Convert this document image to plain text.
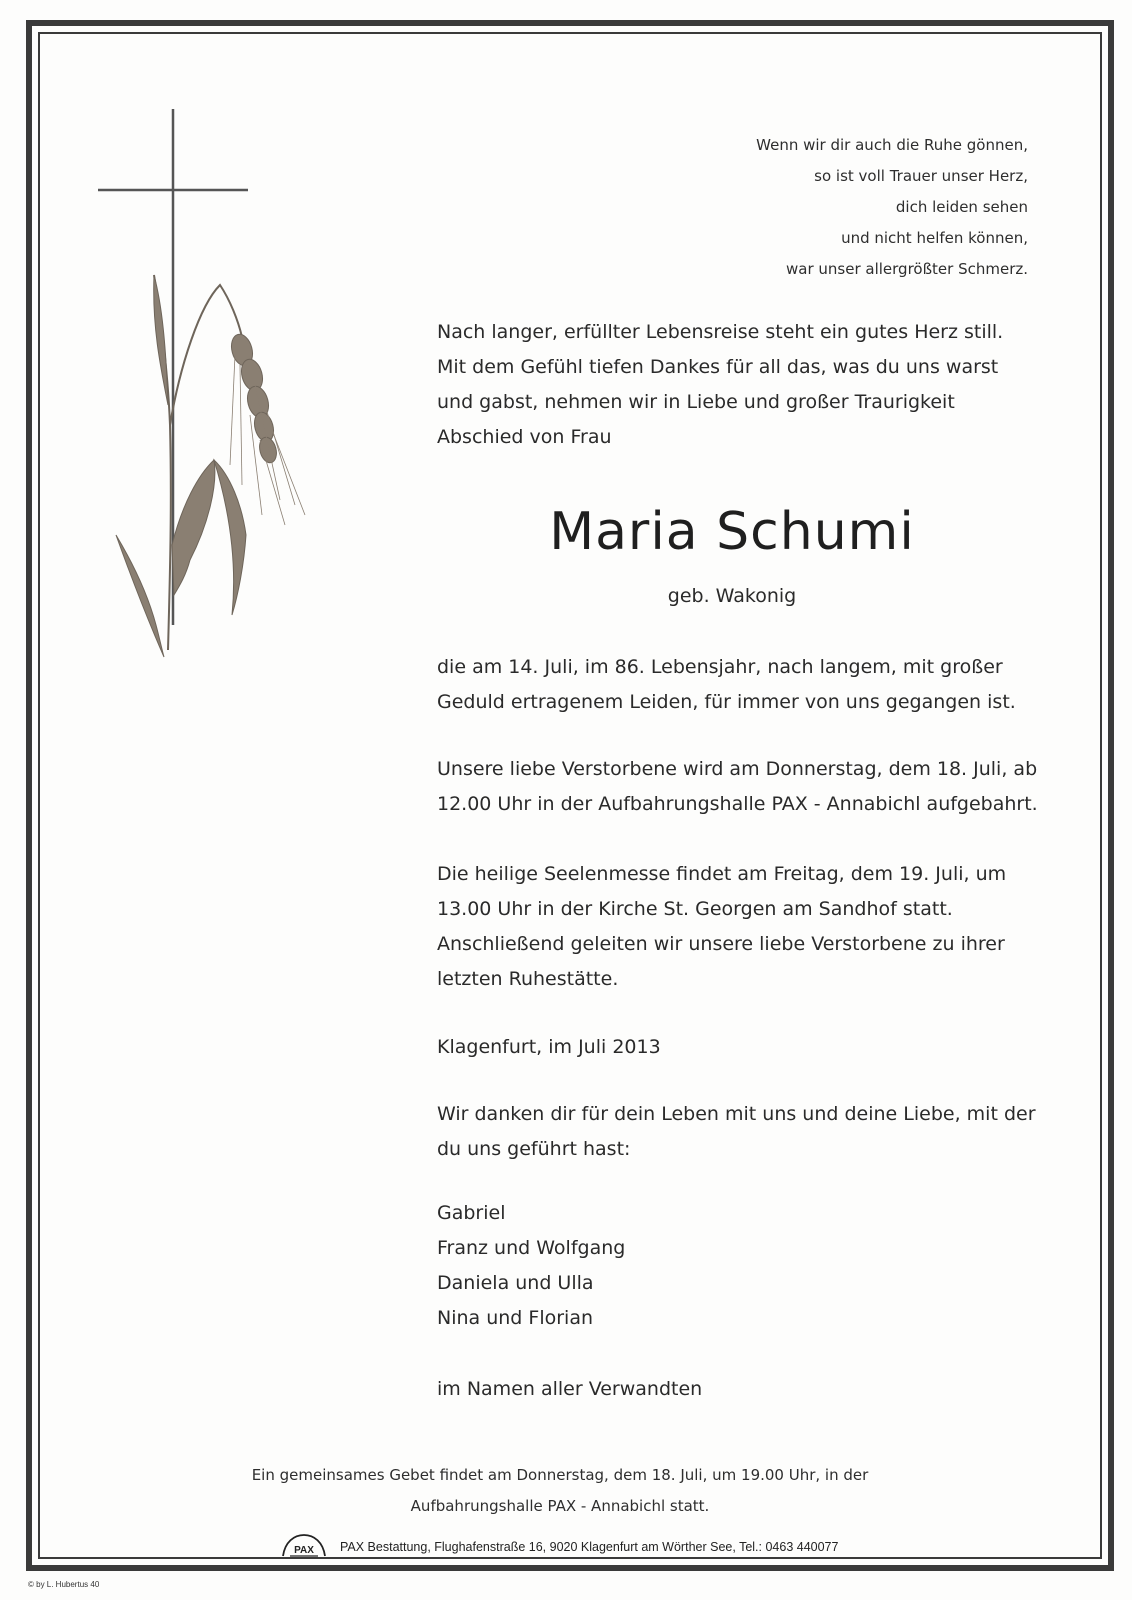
Wenn wir dir auch die Ruhe gönnen,
so ist voll Trauer unser Herz,
dich leiden sehen
und nicht helfen können,
war unser allergrößter Schmerz.

Nach langer, erfüllter Lebensreise steht ein gutes Herz still.

Mit dem Gefühl tiefen Dankes für all das, was du uns warst

und gabst, nehmen wir in Liebe und großer Traurigkeit

Abschied von Frau

Maria Schumi
geb. Wakonig

die am 14. Juli, im 86. Lebensjahr, nach langem, mit großer

Geduld ertragenem Leiden, für immer von uns gegangen ist.

Unsere liebe Verstorbene wird am Donnerstag, dem 18. Juli, ab

12.00 Uhr in der Aufbahrungshalle PAX - Annabichl aufgebahrt.

Die heilige Seelenmesse findet am Freitag, dem 19. Juli, um

13.00 Uhr in der Kirche St. Georgen am Sandhof statt.

Anschließend geleiten wir unsere liebe Verstorbene zu ihrer

letzten Ruhestätte.

Klagenfurt, im Juli 2013

Wir danken dir für dein Leben mit uns und deine Liebe, mit der

du uns geführt hast:

Gabriel

Franz und Wolfgang

Daniela und Ulla

Nina und Florian

im Namen aller Verwandten

Ein gemeinsames Gebet findet am Donnerstag, dem 18. Juli, um 19.00 Uhr, in der
Aufbahrungshalle PAX - Annabichl statt.
PAX PAX Bestattung, Flughafenstraße 16, 9020 Klagenfurt am Wörther See, Tel.: 0463 440077
© by L. Hubertus 40
